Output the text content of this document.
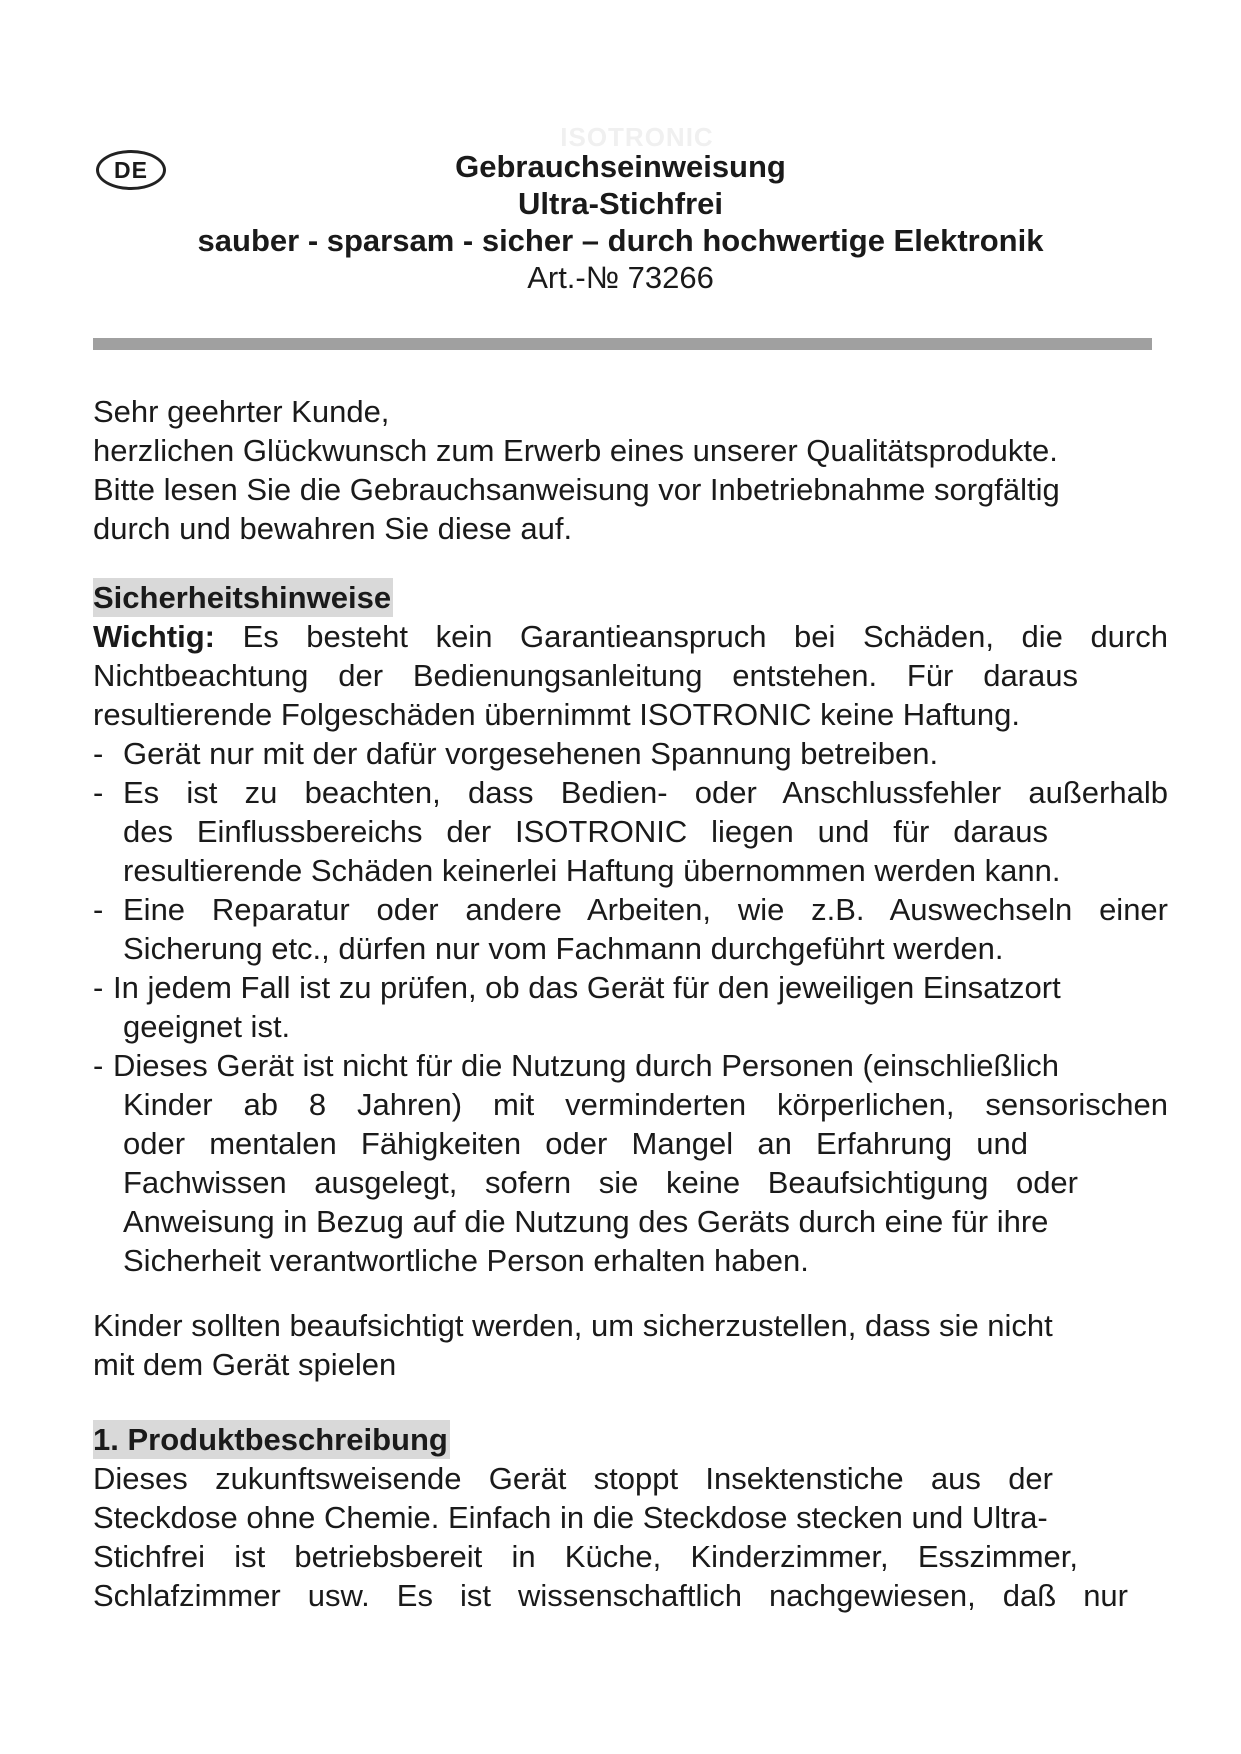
DE
ISOTRONIC
Gebrauchseinweisung
Ultra-Stichfrei
sauber - sparsam - sicher – durch hochwertige Elektronik
Art.-№ 73266

Sehr geehrter Kunde,

herzlichen Glückwunsch zum Erwerb eines unserer Qualitätsprodukte.

Bitte lesen Sie die Gebrauchsanweisung vor Inbetriebnahme sorgfältig

durch und bewahren Sie diese auf.

Sicherheitshinweise

Wichtig: Es besteht kein Garantieanspruch bei Schäden, die durch

Nichtbeachtung der Bedienungsanleitung entstehen. Für daraus

resultierende Folgeschäden übernimmt ISOTRONIC keine Haftung.

- Gerät nur mit der dafür vorgesehenen Spannung betreiben.
- Es ist zu beachten, dass Bedien- oder Anschlussfehler außerhalb

des Einflussbereichs der ISOTRONIC liegen und für daraus

resultierende Schäden keinerlei Haftung übernommen werden kann.

- Eine Reparatur oder andere Arbeiten, wie z.B. Auswechseln einer

Sicherung etc., dürfen nur vom Fachmann durchgeführt werden.

- In jedem Fall ist zu prüfen, ob das Gerät für den jeweiligen Einsatzort

geeignet ist.

- Dieses Gerät ist nicht für die Nutzung durch Personen (einschließlich

Kinder ab 8 Jahren) mit verminderten körperlichen, sensorischen

oder mentalen Fähigkeiten oder Mangel an Erfahrung und

Fachwissen ausgelegt, sofern sie keine Beaufsichtigung oder

Anweisung in Bezug auf die Nutzung des Geräts durch eine für ihre

Sicherheit verantwortliche Person erhalten haben.

Kinder sollten beaufsichtigt werden, um sicherzustellen, dass sie nicht

mit dem Gerät spielen

1. Produktbeschreibung

Dieses zukunftsweisende Gerät stoppt Insektenstiche aus der

Steckdose ohne Chemie. Einfach in die Steckdose stecken und Ultra-

Stichfrei ist betriebsbereit in Küche, Kinderzimmer, Esszimmer,

Schlafzimmer usw. Es ist wissenschaftlich nachgewiesen, daß nur
